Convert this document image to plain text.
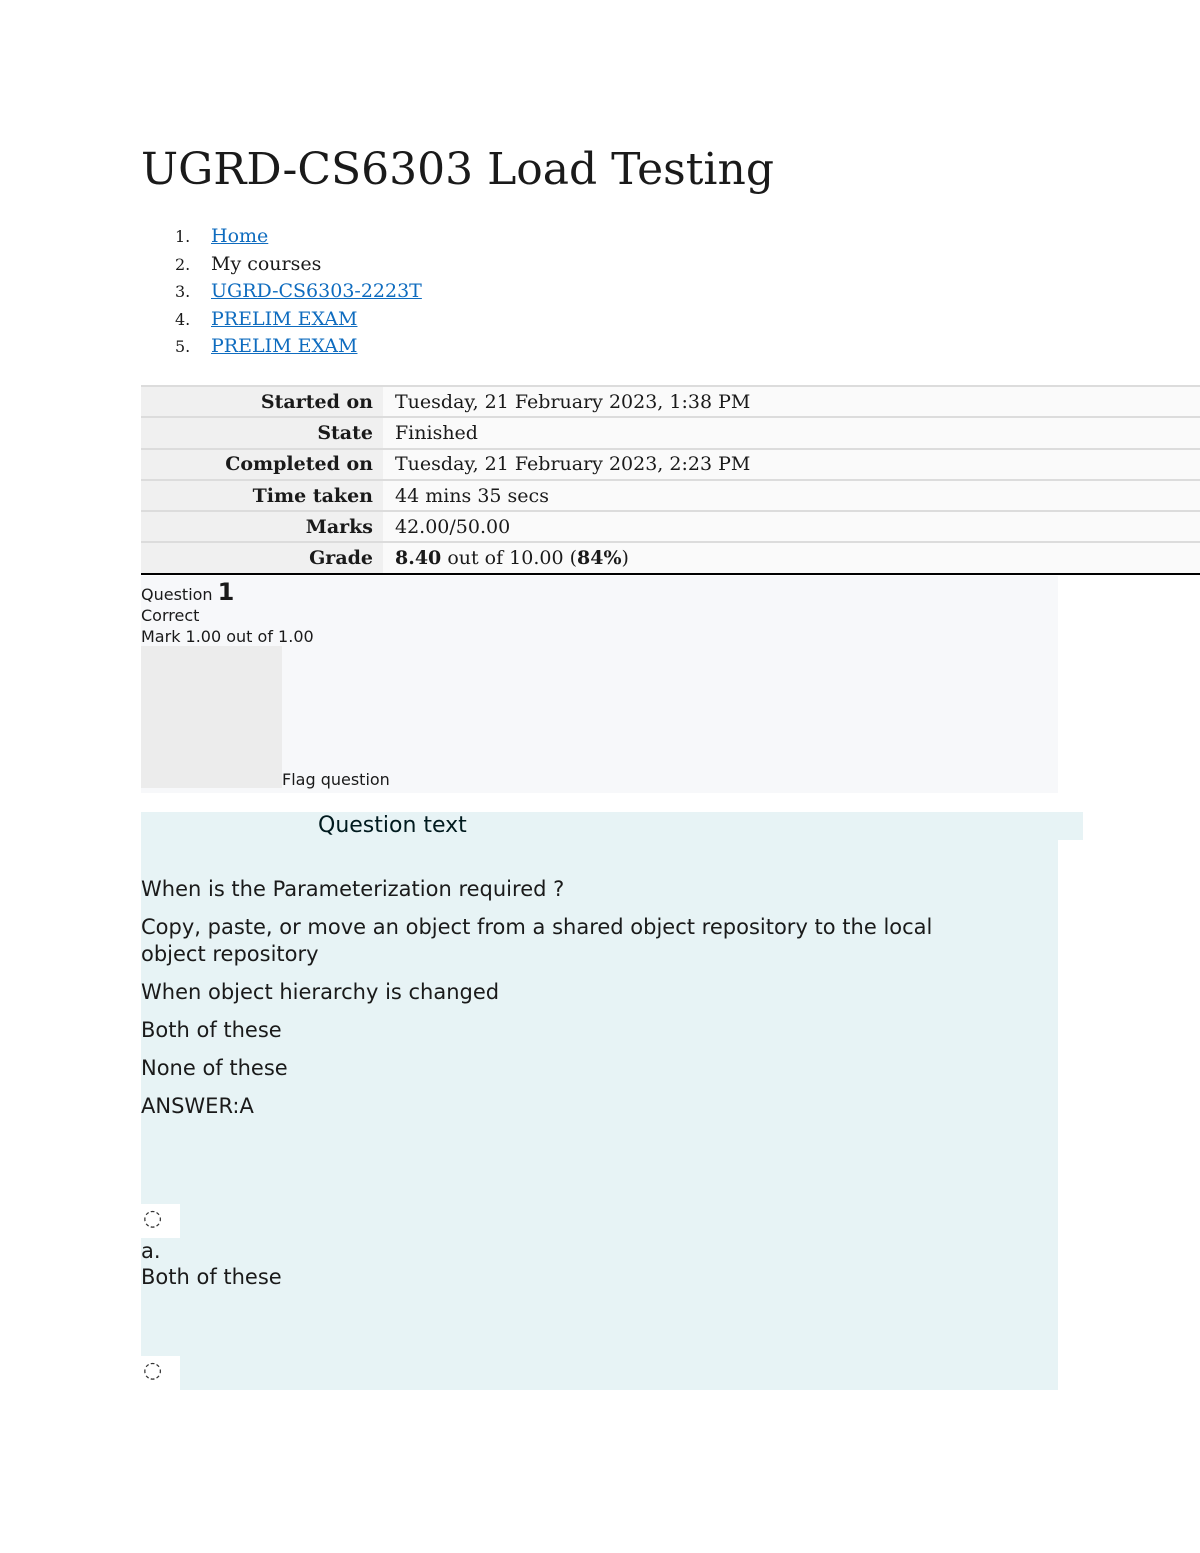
UGRD-CS6303 Load Testing
1. Home
2. My courses
3. UGRD-CS6303-2223T
4. PRELIM EXAM
5. PRELIM EXAM
Started on	Tuesday, 21 February 2023, 1:38 PM
State	Finished
Completed on	Tuesday, 21 February 2023, 2:23 PM
Time taken	44 mins 35 secs
Marks	42.00/50.00
Grade	8.40 out of 10.00 (84%)
Question 1
Correct
Mark 1.00 out of 1.00
Flag question
Question text
When is the Parameterization required ?
Copy, paste, or move an object from a shared object repository to the local
object repository
When object hierarchy is changed
Both of these
None of these
ANSWER:A
◌
a.
Both of these
◌
